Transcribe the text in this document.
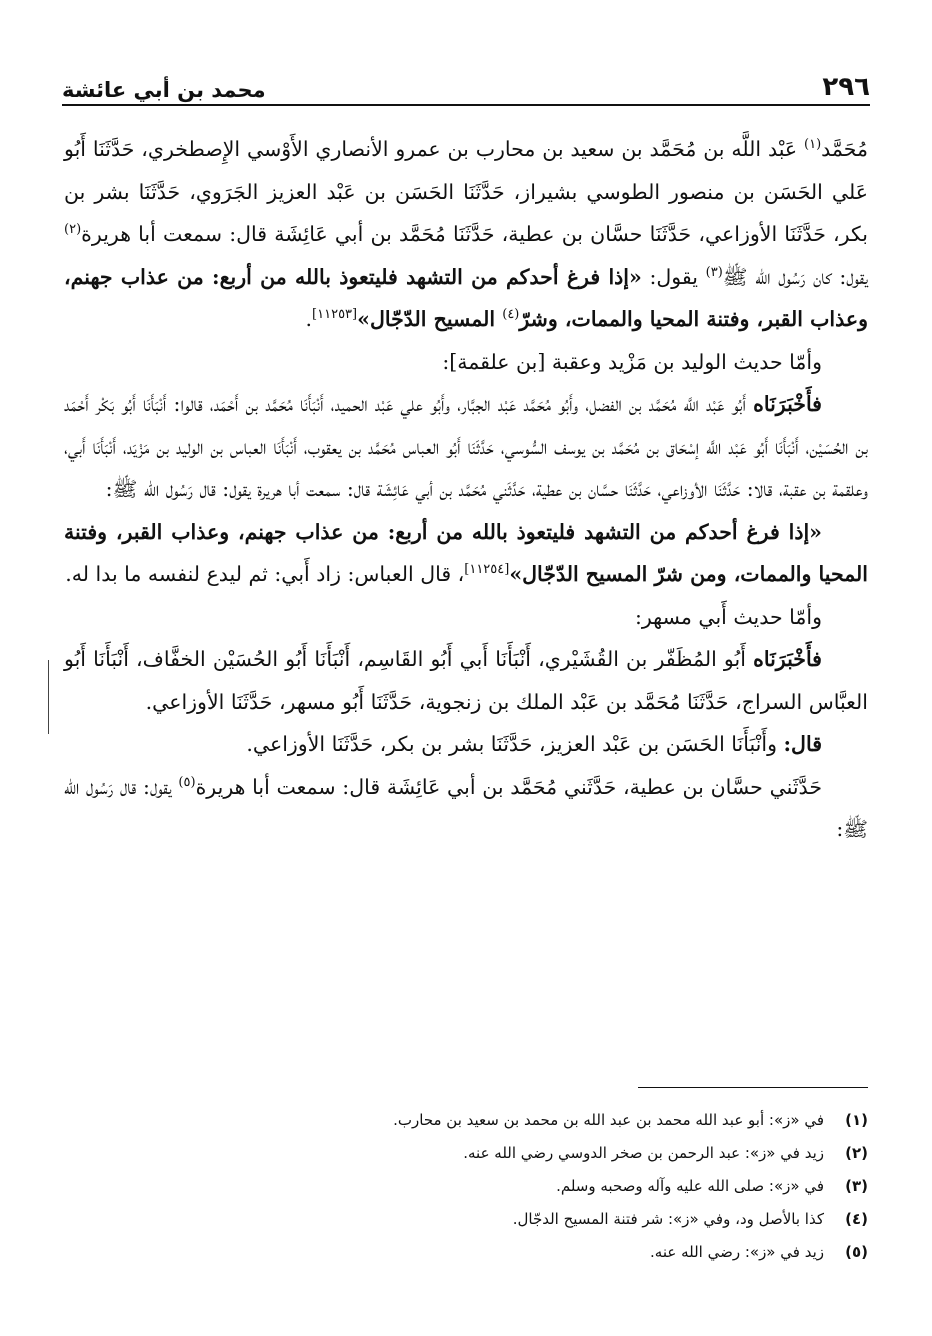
٢٩٦
محمد بن أبي عائشة

مُحَمَّد$^{(١)}$ عَبْد اللَّه بن مُحَمَّد بن سعيد بن محارب بن عمرو الأنصاري الأَوْسي الإِصطخري، حَدَّثَنَا أَبُو عَلي الحَسَن بن منصور الطوسي بشيراز، حَدَّثَنَا الحَسَن بن عَبْد العزيز الجَرَوي، حَدَّثَنَا بشر بن بكر، حَدَّثَنَا الأوزاعي، حَدَّثَنَا حسَّان بن عطية، حَدَّثَنَا مُحَمَّد بن أبي عَائِشَة قال: سمعت أبا هريرة$^{(٢)}$ يقول: كان رَسُول الله ﷺ$^{(٣)}$ يقول: «إذا فرغ أحدكم من التشهد فليتعوذ بالله من أربع: من عذاب جهنم، وعذاب القبر، وفتنة المحيا والممات، وشرّ$^{(٤)}$ المسيح الدّجّال»[١١٢٥٣].

وأمّا حديث الوليد بن مَزْيد وعقبة [بن علقمة]:

فأَخْبَرَنَاه أَبُو عَبْد اللَّه مُحَمَّد بن الفضل، وأَبُو مُحَمَّد عَبْد الجبَّار، وأَبُو علي عَبْد الحميد، أَنْبَأَنَا مُحَمَّد بن أَحْمَد، قالوا: أَنْبَأَنَا أَبُو بَكْر أَحْمَد بن الحُسَيْن، أَنْبَأَنَا أَبُو عَبْد اللَّه إسْحَاق بن مُحَمَّد بن يوسف السُّوسي، حَدَّثَنَا أَبُو العباس مُحَمَّد بن يعقوب، أَنْبَأَنَا العباس بن الوليد بن مَزْيَد، أَنْبَأَنَا أَبي، وعلقمة بن عقبة، قالا: حَدَّثَنَا الأوزاعي، حَدَّثَنَا حسَّان بن عطية، حَدَّثَني مُحَمَّد بن أبي عَائِشَة قال: سمعت أبا هريرة يقول: قال رَسُول الله ﷺ:

«إذا فرغ أحدكم من التشهد فليتعوذ بالله من أربع: من عذاب جهنم، وعذاب القبر، وفتنة المحيا والممات، ومن شرّ المسيح الدّجّال»[١١٢٥٤]، قال العباس: زاد أَبي: ثم ليدع لنفسه ما بدا له.

وأمّا حديث أَبي مسهر:

فأَخْبَرَنَاه أَبُو المُظَفّر بن القُشَيْري، أَنْبَأَنَا أَبي أَبُو القَاسِم، أَنْبَأَنَا أَبُو الحُسَيْن الخفَّاف، أَنْبَأَنَا أَبُو العبَّاس السراج، حَدَّثَنَا مُحَمَّد بن عَبْد الملك بن زنجوية، حَدَّثَنَا أَبُو مسهر، حَدَّثَنَا الأوزاعي.

قال: وأَنْبَأَنَا الحَسَن بن عَبْد العزيز، حَدَّثَنَا بشر بن بكر، حَدَّثَنَا الأوزاعي.

حَدَّثَني حسَّان بن عطية، حَدَّثَني مُحَمَّد بن أبي عَائِشَة قال: سمعت أبا هريرة$^{(٥)}$ يقول: قال رَسُول الله ﷺ:

(١)
في «ز»: أبو عبد الله محمد بن عبد الله بن محمد بن سعيد بن محارب.
(٢)
زيد في «ز»: عبد الرحمن بن صخر الدوسي رضي الله عنه.
(٣)
في «ز»: صلى الله عليه وآله وصحبه وسلم.
(٤)
كذا بالأصل ود، وفي «ز»: شر فتنة المسيح الدجّال.
(٥)
زيد في «ز»: رضي الله عنه.
